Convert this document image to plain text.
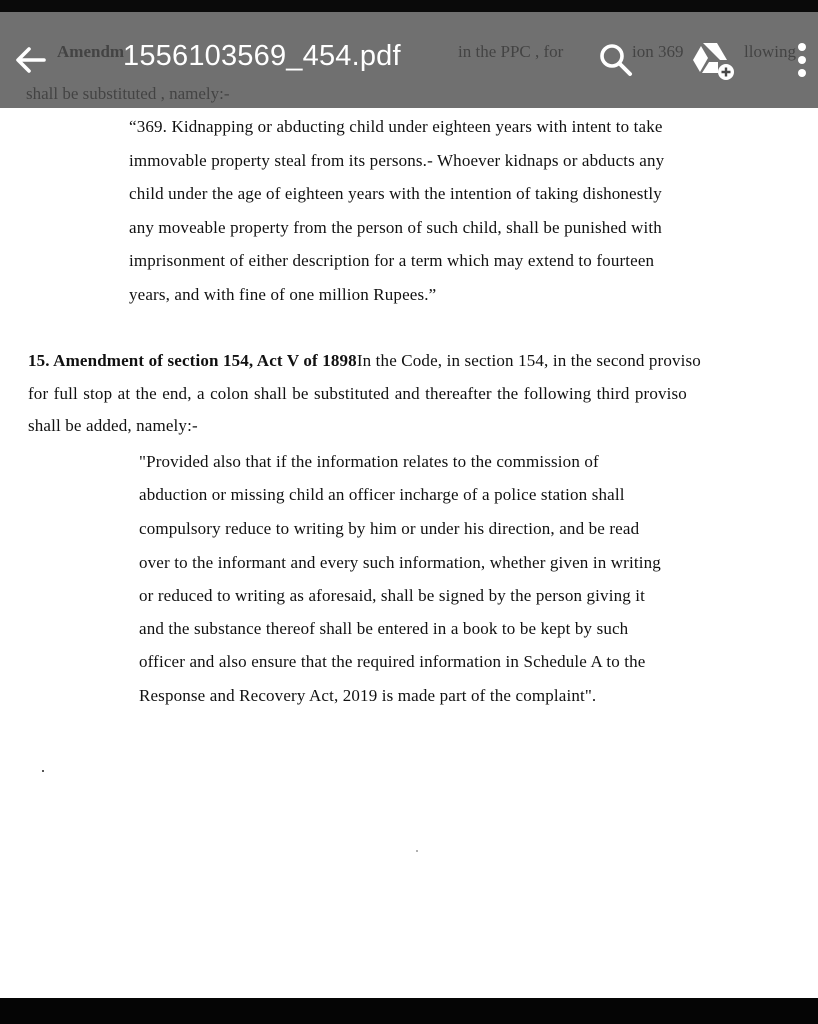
“369. Kidnapping or abducting child under eighteen years with intent to take
immovable property steal from its persons.- Whoever kidnaps or abducts any
child under the age of eighteen years with the intention of taking dishonestly
any moveable property from the person of such child, shall be punished with
imprisonment of either description for a term which may extend to fourteen
years, and with fine of one million Rupees.”
15. Amendment of section 154, Act V of 1898In the Code, in section 154, in the second proviso
for full stop at the end, a colon shall be substituted and thereafter the following third proviso
shall be added, namely:-
"Provided also that if the information relates to the commission of
abduction or missing child an officer incharge of a police station shall
compulsory reduce to writing by him or under his direction, and be read
over to the informant and every such information, whether given in writing
or reduced to writing as aforesaid, shall be signed by the person giving it
and the substance thereof shall be entered in a book to be kept by such
officer and also ensure that the required information in Schedule A to the
Response and Recovery Act, 2019 is made part of the complaint".
1556103569_454.pdf
